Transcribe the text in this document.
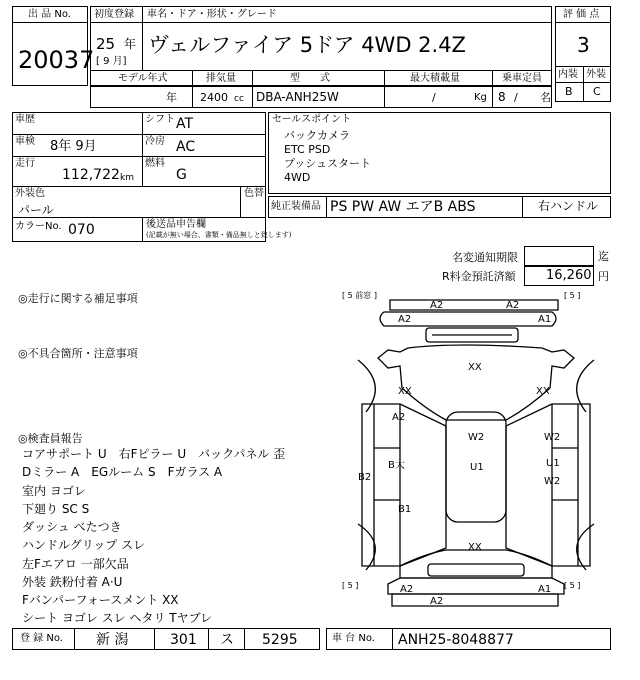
出 品 No.
20037
初度登録 車名・ドア・形状・グレード
25 年
[ 9 月]
ヴェルファイア 5ドア 4WD 2.4Z
評 価 点
3
内装 外装
B C
モデル年式	排気量	型　　式	最大積載量	乗車定員
年 2400 cc DBA-ANH25W	/	Kg 8 / 名
車歴	シフト AT
車検 8年 9月	冷房 AC
走行
112,722 km
燃料
G
外装色
パール
色替
カラーNo. 070	後送品申告欄
(記載が無い場合、書類・備品無しと致します)
セールスポイント
バックカメラ
ETC PSD
プッシュスタート
4WD
純正装備品 PS PW AW エアB ABS	右ハンドル
名変通知期限	迄
R料金預託済額 16,260 円
◎走行に関する補足事項
◎不具合箇所・注意事項
◎検査員報告
コアサポート U　右Fピラー U　バックパネル 歪
Dミラー A　EGルーム S　Fガラス A
室内 ヨゴレ
下廻り SC S
ダッシュ べたつき
ハンドルグリップ スレ
左Fエアロ 一部欠品
外装 鉄粉付着 A·U
Fバンパーフォースメント XX
シート ヨゴレ スレ ヘタリ Tヤブレ
[ 5 前窓 ]	[ 5 ]
[ 5 ]	[ 5 ]
A2	A2
A2	A1
XX
XX	XX
A2
B大
B2
B1
W2
U1
W2
U1
W2
XX
A2	A1
A2
登 録 No. 新 潟	301 ス 5295	車 台 No. ANH25-8048877
